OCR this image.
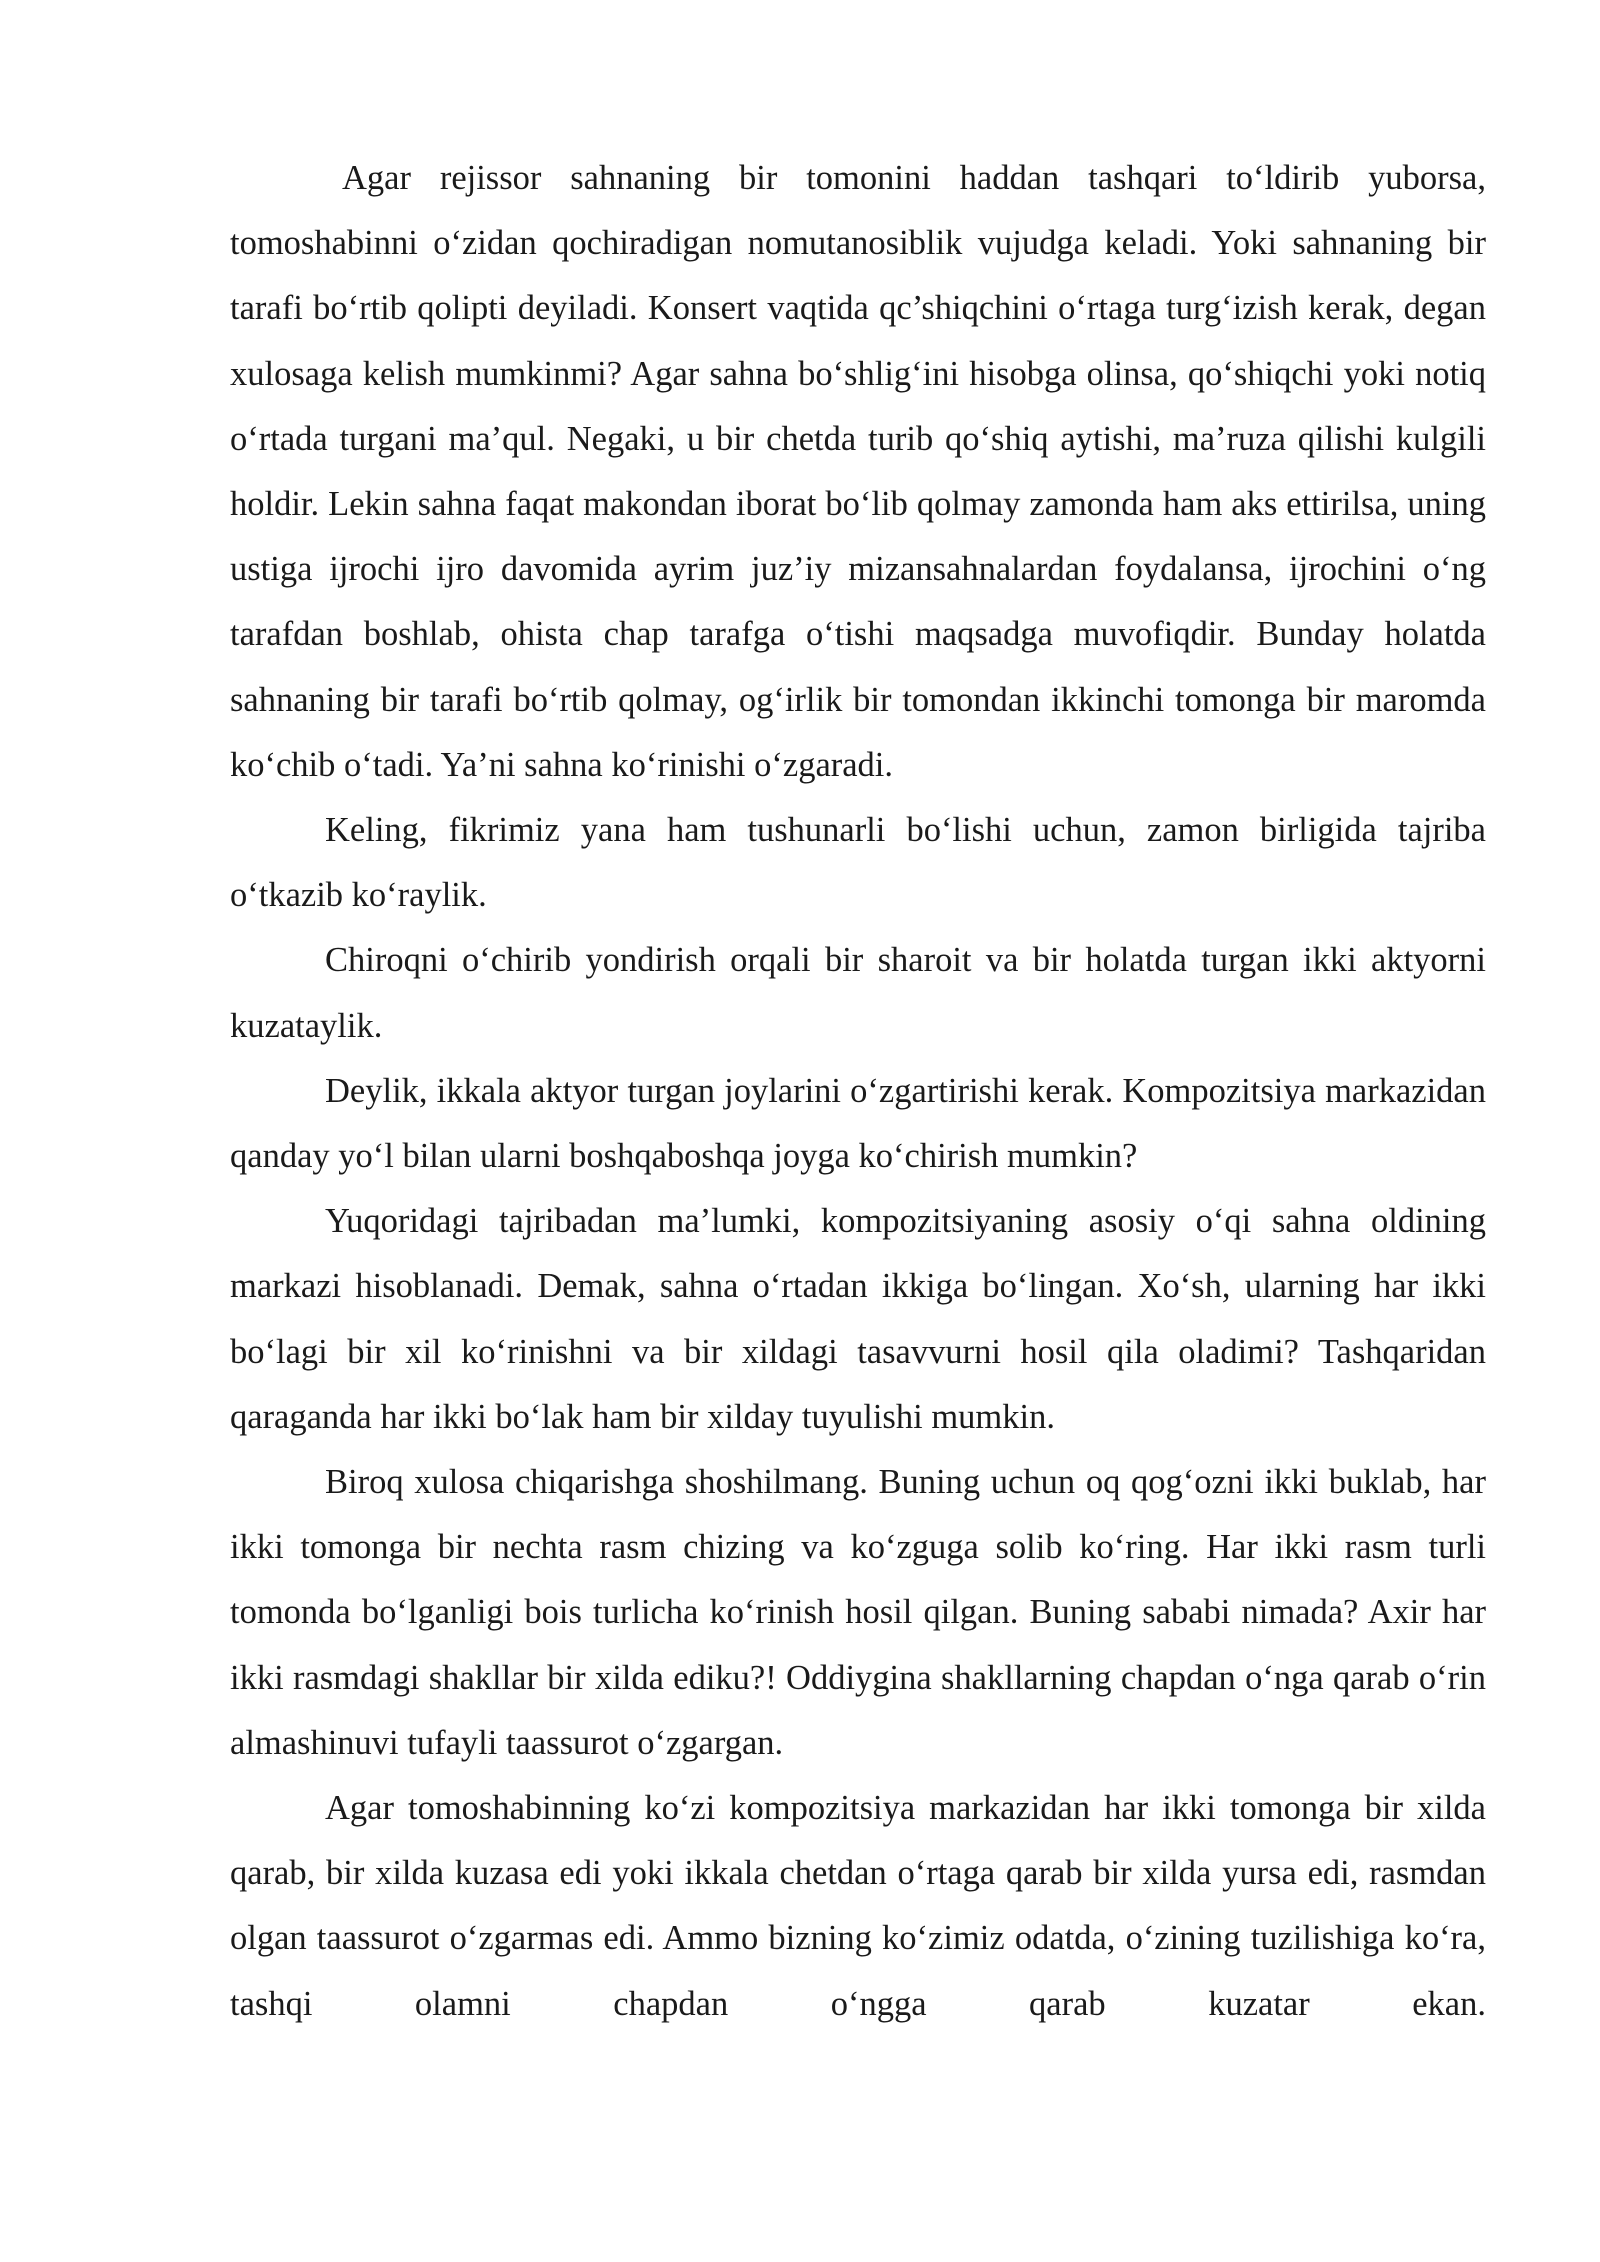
Agar rejissor sahnaning bir tomonini haddan tashqari to‘ldirib yuborsa, tomoshabinni o‘zidan qochiradigan nomutanosiblik vujudga keladi. Yoki sahnaning bir tarafi bo‘rtib qolipti deyiladi. Konsert vaqtida qc’shiqchini o‘rtaga turg‘izish kerak, degan xulosaga kelish mumkinmi? Agar sahna bo‘shlig‘ini hisobga olinsa, qo‘shiqchi yoki notiq o‘rtada turgani ma’qul. Negaki, u bir chetda turib qo‘shiq aytishi, ma’ruza qilishi kulgili holdir. Lekin sahna faqat makondan iborat bo‘lib qolmay zamonda ham aks ettirilsa, uning ustiga ijrochi ijro davomida ayrim juz’iy mizansahnalardan foydalansa, ijrochini o‘ng tarafdan boshlab, ohista chap tarafga o‘tishi maqsadga muvofiqdir. Bunday holatda sahnaning bir tarafi bo‘rtib qolmay, og‘irlik bir tomondan ikkinchi tomonga bir maromda ko‘chib o‘tadi. Ya’ni sahna ko‘rinishi o‘zgaradi.

Keling, fikrimiz yana ham tushunarli bo‘lishi uchun, zamon birligida tajriba o‘tkazib ko‘raylik.

Chiroqni o‘chirib yondirish orqali bir sharoit va bir holatda turgan ikki aktyorni kuzataylik.

Deylik, ikkala aktyor turgan joylarini o‘zgartirishi kerak. Kompozitsiya markazidan qanday yo‘l bilan ularni boshqaboshqa joyga ko‘chirish mumkin?

Yuqoridagi tajribadan ma’lumki, kompozitsiyaning asosiy o‘qi sahna oldining markazi hisoblanadi. Demak, sahna o‘rtadan ikkiga bo‘lingan. Xo‘sh, ularning har ikki bo‘lagi bir xil ko‘rinishni va bir xildagi tasavvurni hosil qila oladimi? Tashqaridan qaraganda har ikki bo‘lak ham bir xilday tuyulishi mumkin.

Biroq xulosa chiqarishga shoshilmang. Buning uchun oq qog‘ozni ikki buklab, har ikki tomonga bir nechta rasm chizing va ko‘zguga solib ko‘ring. Har ikki rasm turli tomonda bo‘lganligi bois turlicha ko‘rinish hosil qilgan. Buning sababi nimada? Axir har ikki rasmdagi shakllar bir xilda ediku?! Oddiygina shakllarning chapdan o‘nga qarab o‘rin almashinuvi tufayli taassurot o‘zgargan.

Agar tomoshabinning ko‘zi kompozitsiya markazidan har ikki tomonga bir xilda qarab, bir xilda kuzasa edi yoki ikkala chetdan o‘rtaga qarab bir xilda yursa edi, rasmdan olgan taassurot o‘zgarmas edi. Ammo bizning ko‘zimiz odatda, o‘zining tuzilishiga ko‘ra, tashqi olamni chapdan o‘ngga qarab kuzatar ekan.
